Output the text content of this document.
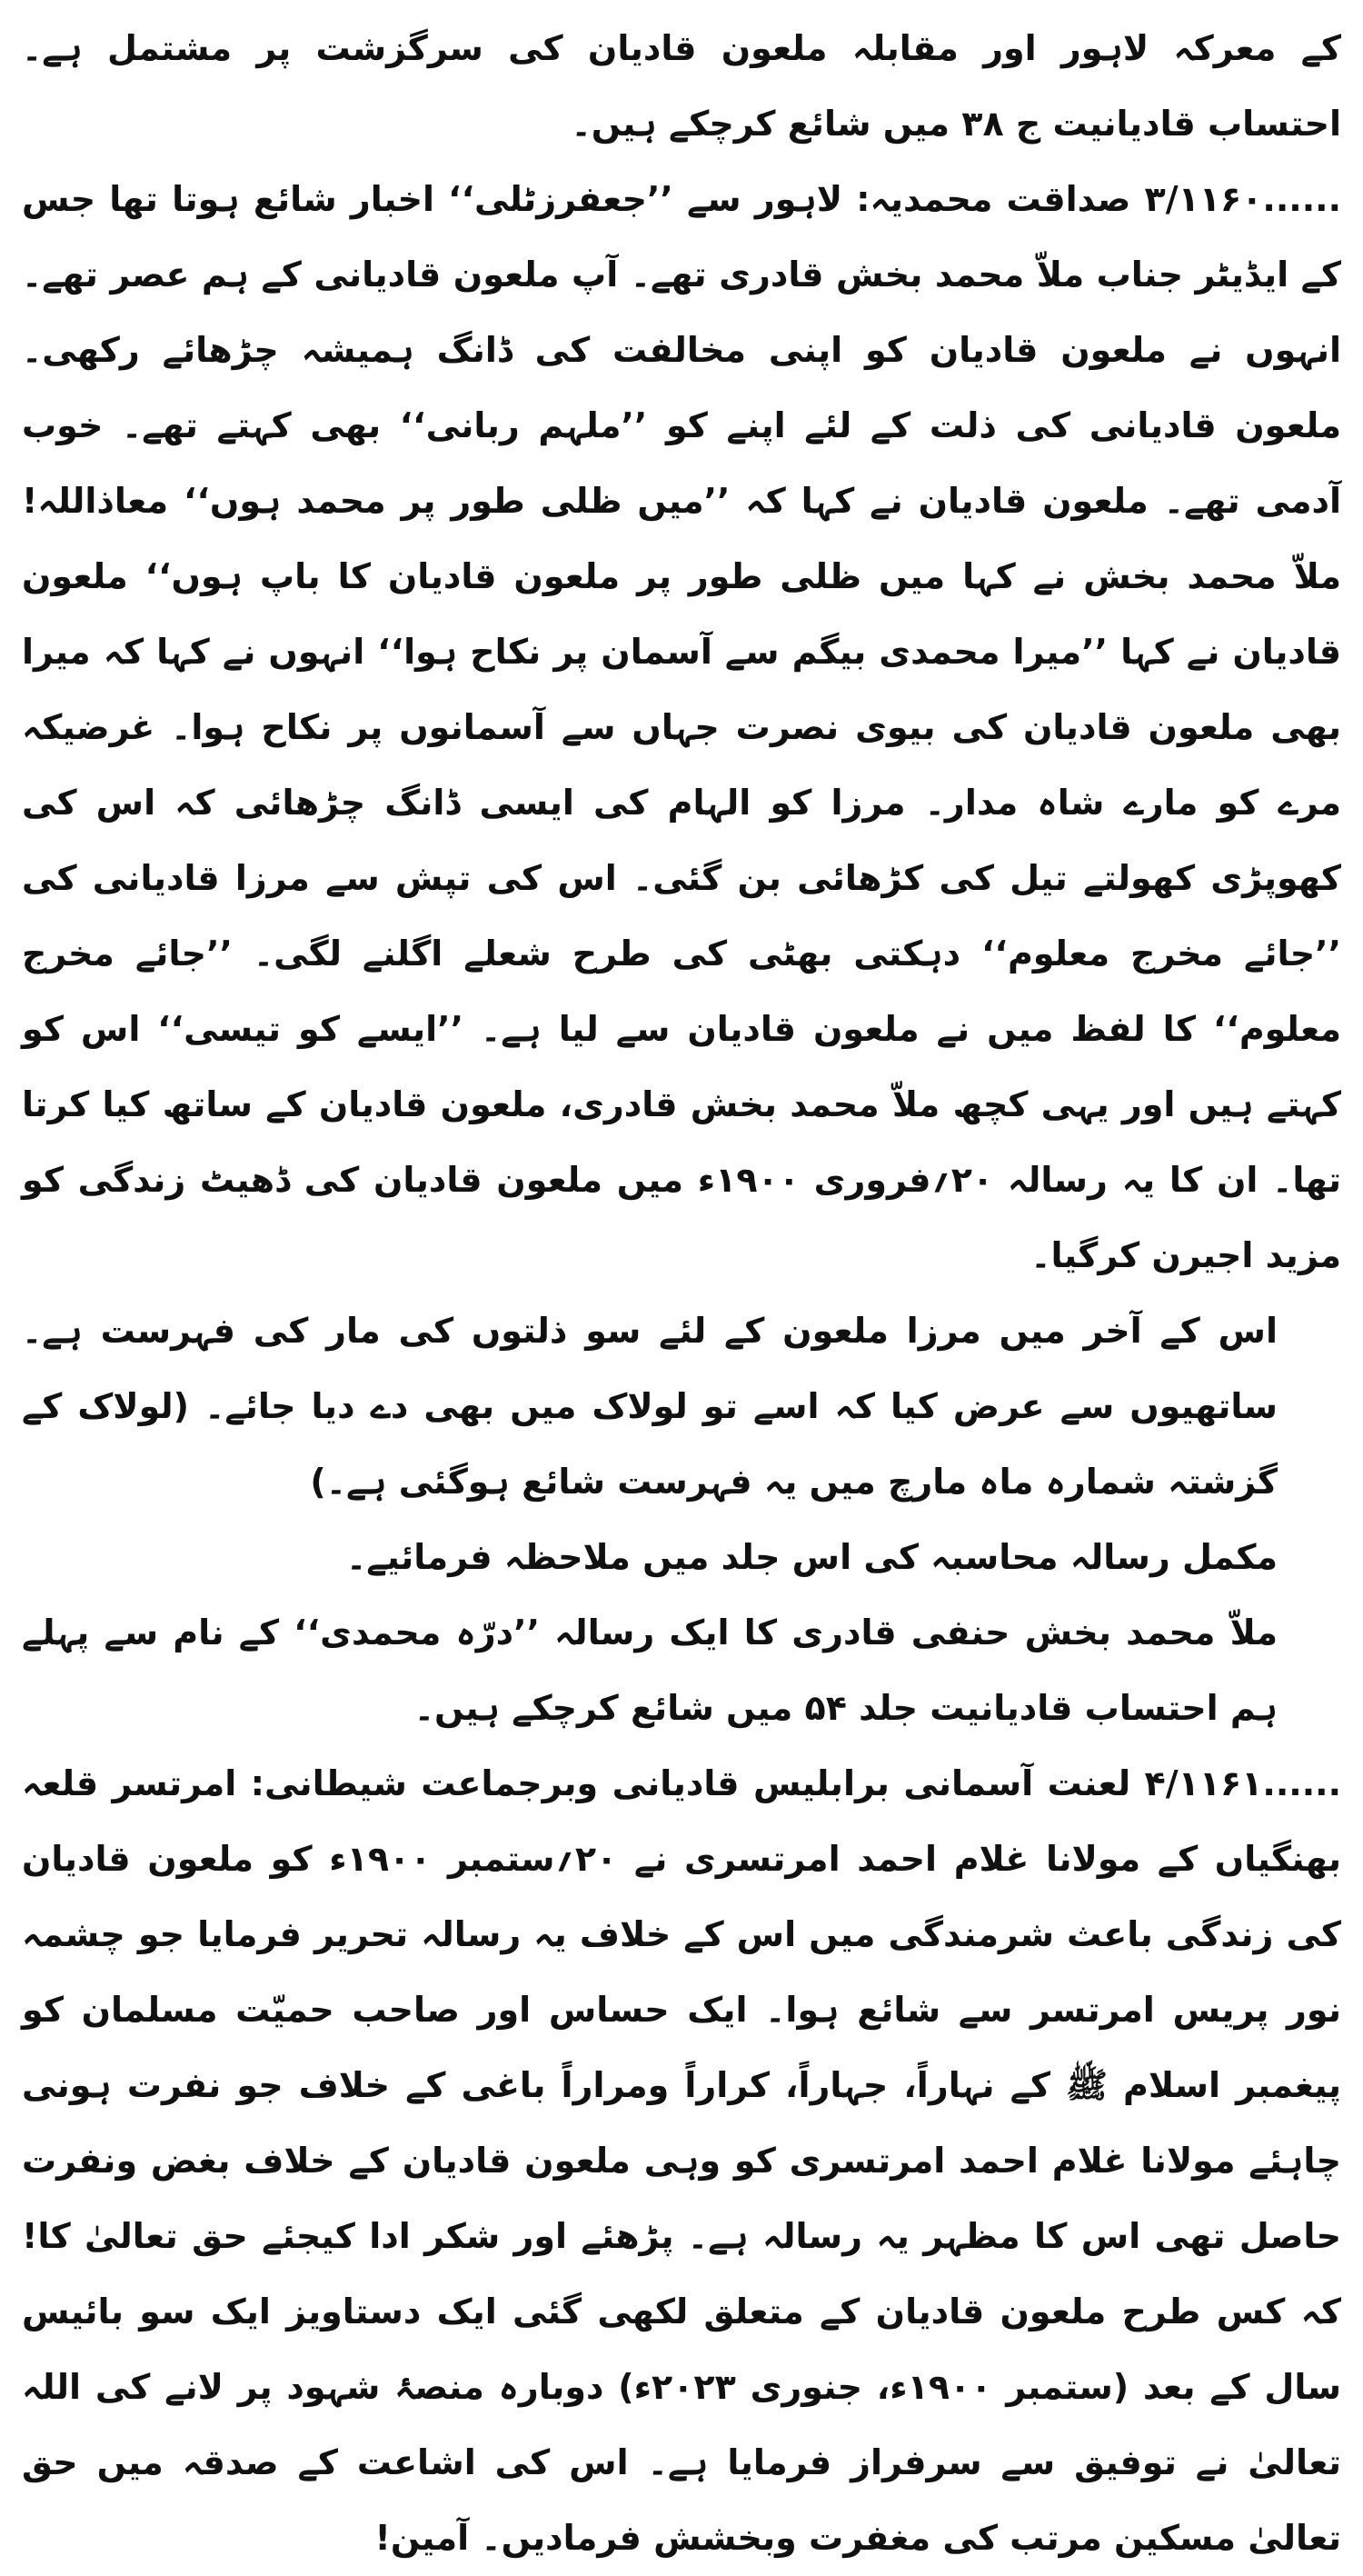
کے معرکہ لاہور اور مقابلہ ملعون قادیان کی سرگزشت پر مشتمل ہے۔ احتساب قادیانیت ج ۳۸ میں شائع کرچکے ہیں۔

۳/۱۱۶۰...... صداقت محمدیہ: لاہور سے ’’جعفرزٹلی‘‘ اخبار شائع ہوتا تھا جس کے ایڈیٹر جناب ملاّ محمد بخش قادری تھے۔ آپ ملعون قادیانی کے ہم عصر تھے۔ انہوں نے ملعون قادیان کو اپنی مخالفت کی ڈانگ ہمیشہ چڑھائے رکھی۔ ملعون قادیانی کی ذلت کے لئے اپنے کو ’’ملہم ربانی‘‘ بھی کہتے تھے۔ خوب آدمی تھے۔ ملعون قادیان نے کہا کہ ’’میں ظلی طور پر محمد ہوں‘‘ معاذاللہ! ملاّ محمد بخش نے کہا میں ظلی طور پر ملعون قادیان کا باپ ہوں‘‘ ملعون قادیان نے کہا ’’میرا محمدی بیگم سے آسمان پر نکاح ہوا‘‘ انہوں نے کہا کہ میرا بھی ملعون قادیان کی بیوی نصرت جہاں سے آسمانوں پر نکاح ہوا۔ غرضیکہ مرے کو مارے شاہ مدار۔ مرزا کو الہام کی ایسی ڈانگ چڑھائی کہ اس کی کھوپڑی کھولتے تیل کی کڑھائی بن گئی۔ اس کی تپش سے مرزا قادیانی کی ’’جائے مخرج معلوم‘‘ دہکتی بھٹی کی طرح شعلے اگلنے لگی۔ ’’جائے مخرج معلوم‘‘ کا لفظ میں نے ملعون قادیان سے لیا ہے۔ ’’ایسے کو تیسی‘‘ اس کو کہتے ہیں اور یہی کچھ ملاّ محمد بخش قادری، ملعون قادیان کے ساتھ کیا کرتا تھا۔ ان کا یہ رسالہ ۲۰؍فروری ۱۹۰۰ء میں ملعون قادیان کی ڈھیٹ زندگی کو مزید اجیرن کرگیا۔

اس کے آخر میں مرزا ملعون کے لئے سو ذلتوں کی مار کی فہرست ہے۔ ساتھیوں سے عرض کیا کہ اسے تو لولاک میں بھی دے دیا جائے۔ (لولاک کے گزشتہ شمارہ ماہ مارچ میں یہ فہرست شائع ہوگئی ہے۔)

مکمل رسالہ محاسبہ کی اس جلد میں ملاحظہ فرمائیے۔

ملاّ محمد بخش حنفی قادری کا ایک رسالہ ’’درّہ محمدی‘‘ کے نام سے پہلے ہم احتساب قادیانیت جلد ۵۴ میں شائع کرچکے ہیں۔

۴/۱۱۶۱...... لعنت آسمانی برابلیس قادیانی وبرجماعت شیطانی: امرتسر قلعہ بھنگیاں کے مولانا غلام احمد امرتسری نے ۲۰؍ستمبر ۱۹۰۰ء کو ملعون قادیان کی زندگی باعث شرمندگی میں اس کے خلاف یہ رسالہ تحریر فرمایا جو چشمہ نور پریس امرتسر سے شائع ہوا۔ ایک حساس اور صاحب حمیّت مسلمان کو پیغمبر اسلام ﷺ کے نہاراً، جہاراً، کراراً ومراراً باغی کے خلاف جو نفرت ہونی چاہئے مولانا غلام احمد امرتسری کو وہی ملعون قادیان کے خلاف بغض ونفرت حاصل تھی اس کا مظہر یہ رسالہ ہے۔ پڑھئے اور شکر ادا کیجئے حق تعالیٰ کا! کہ کس طرح ملعون قادیان کے متعلق لکھی گئی ایک دستاویز ایک سو بائیس سال کے بعد (ستمبر ۱۹۰۰ء، جنوری ۲۰۲۳ء) دوبارہ منصۂ شہود پر لانے کی اللہ تعالیٰ نے توفیق سے سرفراز فرمایا ہے۔ اس کی اشاعت کے صدقہ میں حق تعالیٰ مسکین مرتب کی مغفرت وبخشش فرمادیں۔ آمین!
